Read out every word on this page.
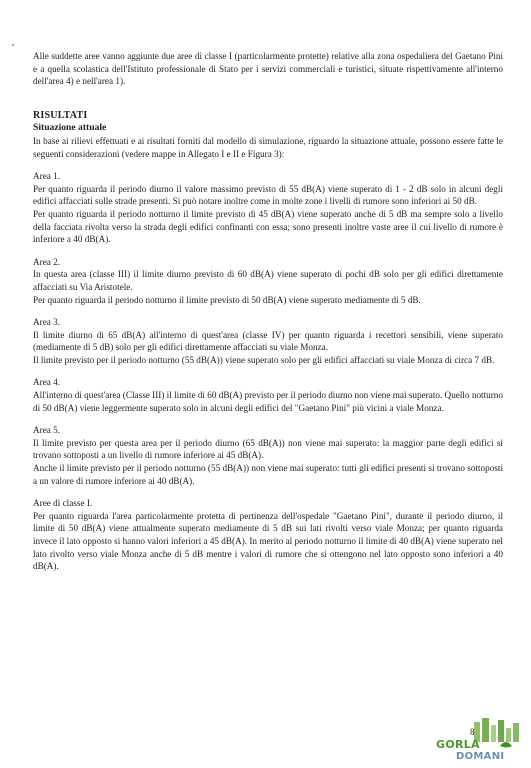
Alle suddette aree vanno aggiunte due aree di classe I (particolarmente protette) relative alla zona ospedaliera del Gaetano Pini e a quella scolastica dell'Istituto professionale di Stato per i servizi commerciali e turistici, situate rispettivamente all'interno dell'area 4) e nell'area 1).

RISULTATI

Situazione attuale

In base ai rilievi effettuati e ai risultati forniti dal modello di simulazione, riguardo la situazione attuale, possono essere fatte le seguenti considerazioni (vedere mappe in Allegato I e II e Figura 3):

Area 1.

Per quanto riguarda il periodo diurno il valore massimo previsto di 55 dB(A) viene superato di 1 - 2 dB solo in alcuni degli edifici affacciati sulle strade presenti. Si può notare inoltre come in molte zone i livelli di rumore sono inferiori ai 50 dB.

Per quanto riguarda il periodo notturno il limite previsto di 45 dB(A) viene superato anche di 5 dB ma sempre solo a livello della facciata rivolta verso la strada degli edifici confinanti con essa; sono presenti inoltre vaste aree il cui livello di rumore è inferiore a 40 dB(A).

Area 2.

In questa area (classe III) il limite diurno previsto di 60 dB(A) viene superato di pochi dB solo per gli edifici direttamente affacciati su Via Aristotele.

Per quanto riguarda il periodo notturno il limite previsto di 50 dB(A) viene superato mediamente di 5 dB.

Area 3.

Il limite diurno di 65 dB(A) all'interno di quest'area (classe IV) per quanto riguarda i recettori sensibili, viene superato (mediamente di 5 dB) solo per gli edifici direttamente affacciati su viale Monza.

Il limite previsto per il periodo notturno (55 dB(A)) viene superato solo per gli edifici affacciati su viale Monza di circa 7 dB.

Area 4.

All'interno di quest'area (Classe III) il limite di 60 dB(A) previsto per il periodo diurno non viene mai superato. Quello notturno di 50 dB(A) viene leggermente superato solo in alcuni degli edifici del "Gaetano Pini" più vicini a viale Monza.

Area 5.

Il limite previsto per questa area per il periodo diurno (65 dB(A)) non viene mai superato: la maggior parte degli edifici si trovano sottoposti a un livello di rumore inferiore ai 45 dB(A).

Anche il limite previsto per il periodo notturno (55 dB(A)) non viene mai superato: tutti gli edifici presenti si trovano sottoposti a un valore di rumore inferiore ai 40 dB(A).

Aree di classe I.

Per quanto riguarda l'area particolarmente protetta di pertinenza dell'ospedale "Gaetano Pini", durante il periodo diurno, il limite di 50 dB(A) viene attualmente superato mediamente di 5 dB sui lati rivolti verso viale Monza; per quanto riguarda invece il lato opposto si hanno valori inferiori a 45 dB(A). In merito al periodo notturno il limite di 40 dB(A) viene superato nel lato rivolto verso viale Monza anche di 5 dB mentre i valori di rumore che si ottengono nel lato opposto sono inferiori a 40 dB(A).

8
GORLA
DOMANI
